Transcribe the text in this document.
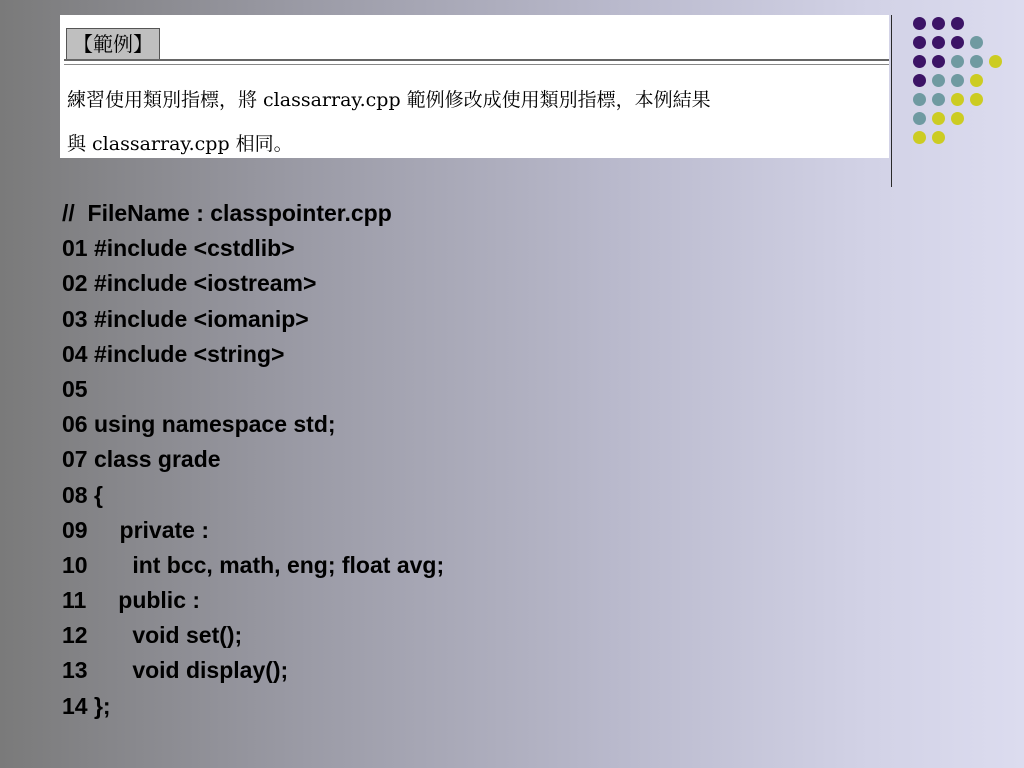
【範例】
練習使用類別指標，將 classarray.cpp 範例修改成使用類別指標，本例結果
與 classarray.cpp 相同。
//  FileName : classpointer.cpp
01 #include <cstdlib>
02 #include <iostream>
03 #include <iomanip>
04 #include <string>
05
06 using namespace std;
07 class grade
08 {
09     private :
10       int bcc, math, eng; float avg;
11     public :
12       void set();
13       void display();
14 };
